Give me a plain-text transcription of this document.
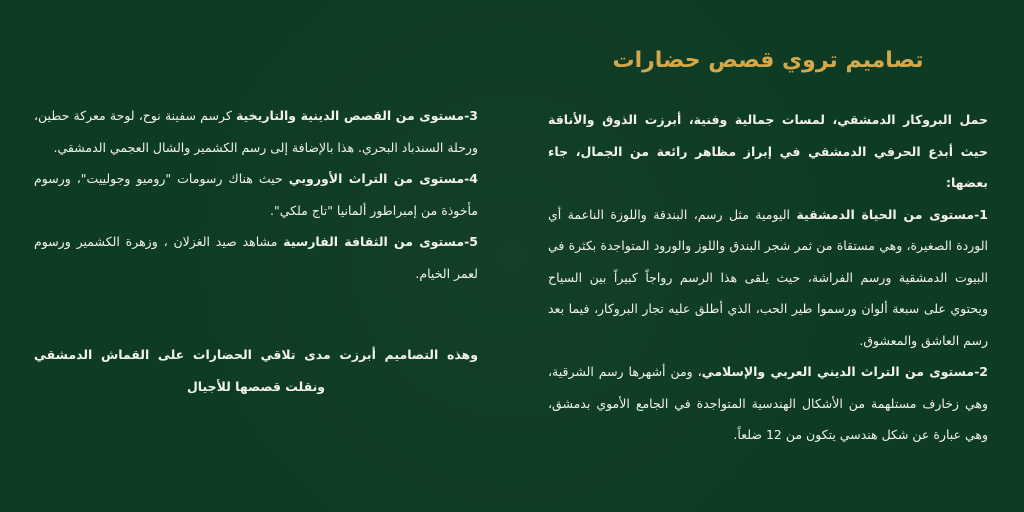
تصاميم تروي قصص حضارات

حمل البروكار الدمشقي، لمسات جمالية وفنية، أبرزت الذوق والأناقة حيث أبدع الحرفي الدمشقي في إبراز مظاهر رائعة من الجمال، جاء بعضها:

1-مستوى من الحياة الدمشقية اليومية مثل رسم، البندقة واللوزة الناعمة أي الوردة الصغيرة، وهي مستقاة من ثمر شجر البندق واللوز والورود المتواجدة بكثرة في البيوت الدمشقية ورسم الفراشة، حيث يلقى هذا الرسم رواجاً كبيراً بين السياح ويحتوي على سبعة ألوان ورسموا طير الحب، الذي أطلق عليه تجار البروكار، فيما بعد رسم العاشق والمعشوق.

2-مستوى من التراث الديني العربي والإسلامي، ومن أشهرها رسم الشرقية، وهي زخارف مستلهمة من الأشكال الهندسية المتواجدة في الجامع الأموي بدمشق، وهي عبارة عن شكل هندسي يتكون من 12 ضلعاً.

3-مستوى من القصص الدينية والتاريخية كرسم سفينة نوح، لوحة معركة حطين، ورحلة السندباد البحري. هذا بالإضافة إلى رسم الكشمير والشال العجمي الدمشقي.

4-مستوى من التراث الأوروبي حيث هناك رسومات "روميو وجولييت"، ورسوم مأخوذة من إمبراطور ألمانيا "تاج ملكي".

5-مستوى من الثقافة الفارسية مشاهد صيد الغزلان ، وزهرة الكشمير ورسوم لعمر الخيام.

وهذه التصاميم أبرزت مدى تلاقي الحضارات على القماش الدمشقي ونقلت قصصها للأجيال
